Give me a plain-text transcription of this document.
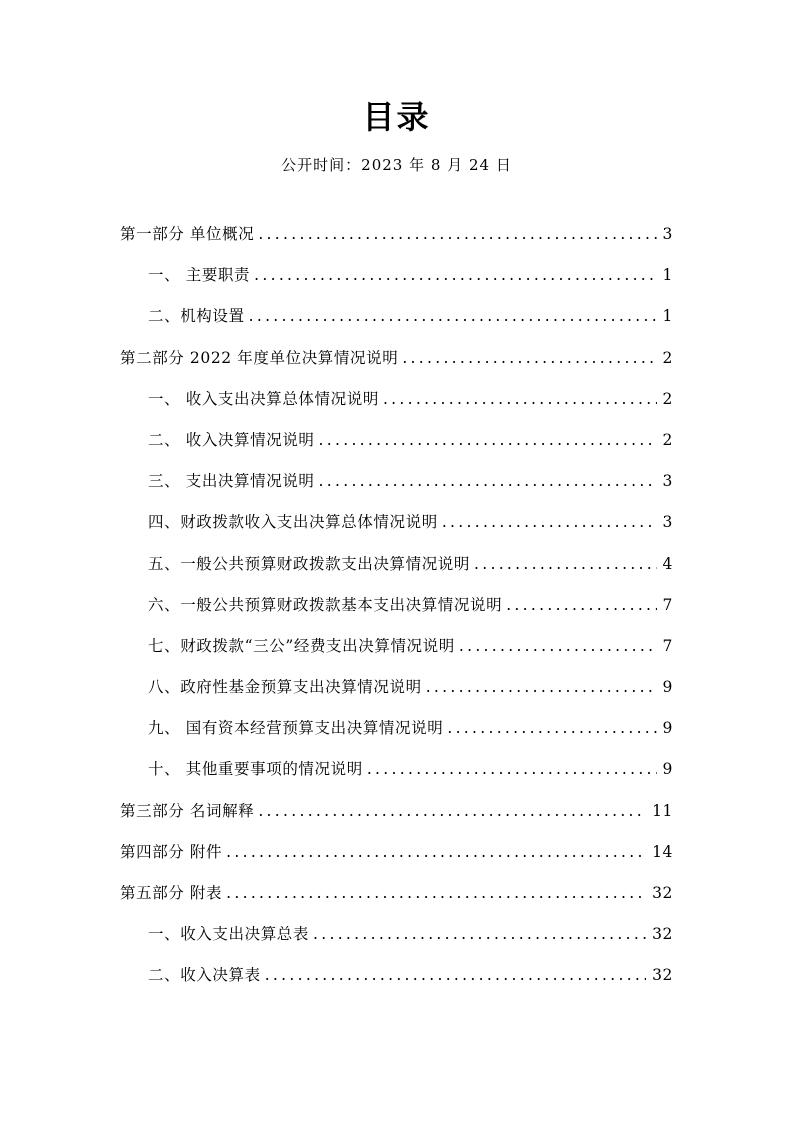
目录
公开时间：2023 年 8 月 24 日
第一部分 单位概况 .....	3
一、 主要职责 .....	1
二、机构设置 .....	1
第二部分 2022 年度单位决算情况说明 .....	2
一、 收入支出决算总体情况说明 .....	2
二、 收入决算情况说明 .....	2
三、 支出决算情况说明 .....	3
四、财政拨款收入支出决算总体情况说明 .....	3
五、一般公共预算财政拨款支出决算情况说明 .....	4
六、一般公共预算财政拨款基本支出决算情况说明 .....	7
七、财政拨款“三公”经费支出决算情况说明 .....	7
八、政府性基金预算支出决算情况说明 .....	9
九、 国有资本经营预算支出决算情况说明 .....	9
十、 其他重要事项的情况说明 .....	9
第三部分 名词解释 .....	11
第四部分 附件 .....	14
第五部分 附表 .....	32
一、收入支出决算总表 .....	32
二、收入决算表 .....	32
